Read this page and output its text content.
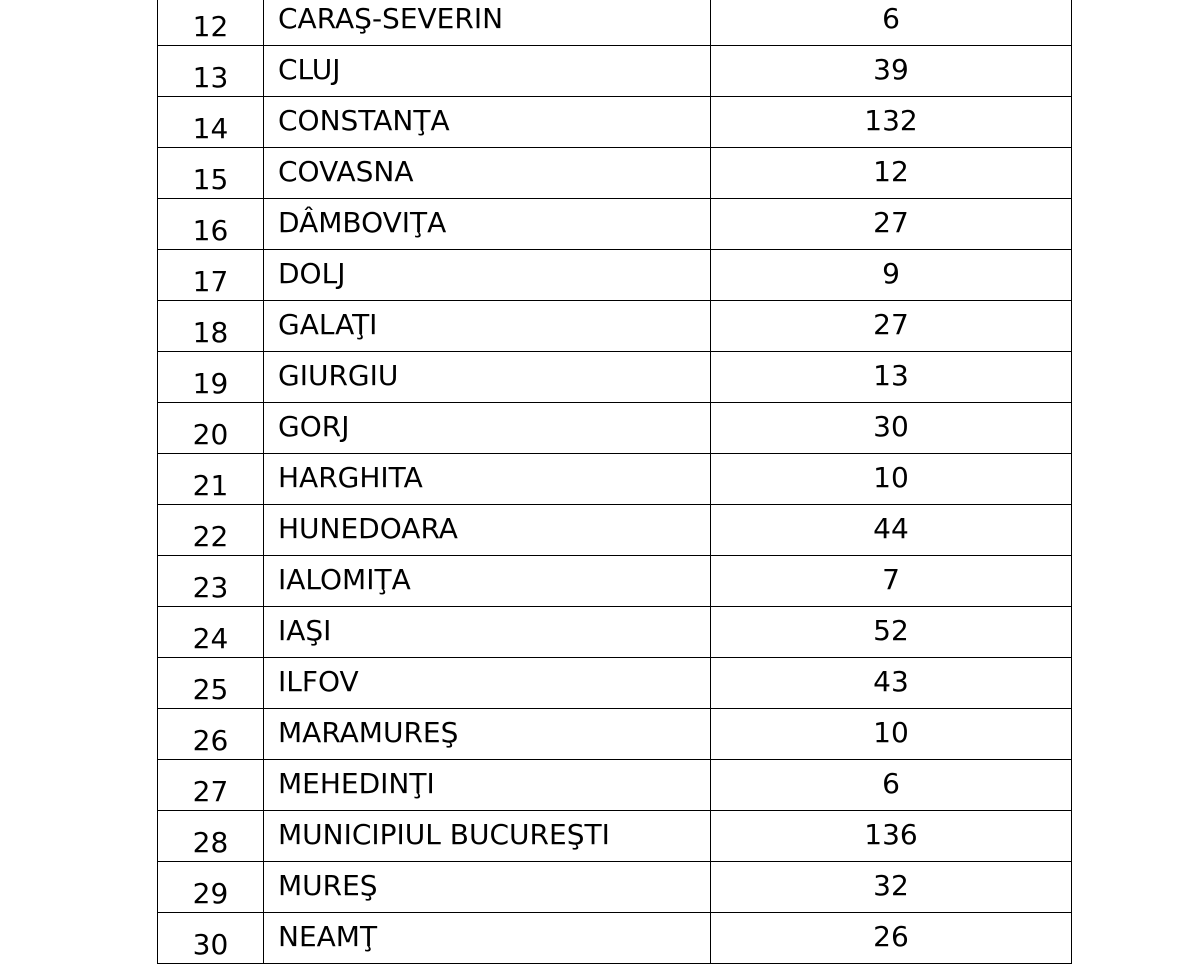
12	CARAŞ-SEVERIN	6
13	CLUJ	39
14	CONSTANŢA	132
15	COVASNA	12
16	DÂMBOVIŢA	27
17	DOLJ	9
18	GALAŢI	27
19	GIURGIU	13
20	GORJ	30
21	HARGHITA	10
22	HUNEDOARA	44
23	IALOMIŢA	7
24	IAŞI	52
25	ILFOV	43
26	MARAMUREŞ	10
27	MEHEDINŢI	6
28	MUNICIPIUL BUCUREŞTI	136
29	MUREŞ	32
30	NEAMŢ	26
